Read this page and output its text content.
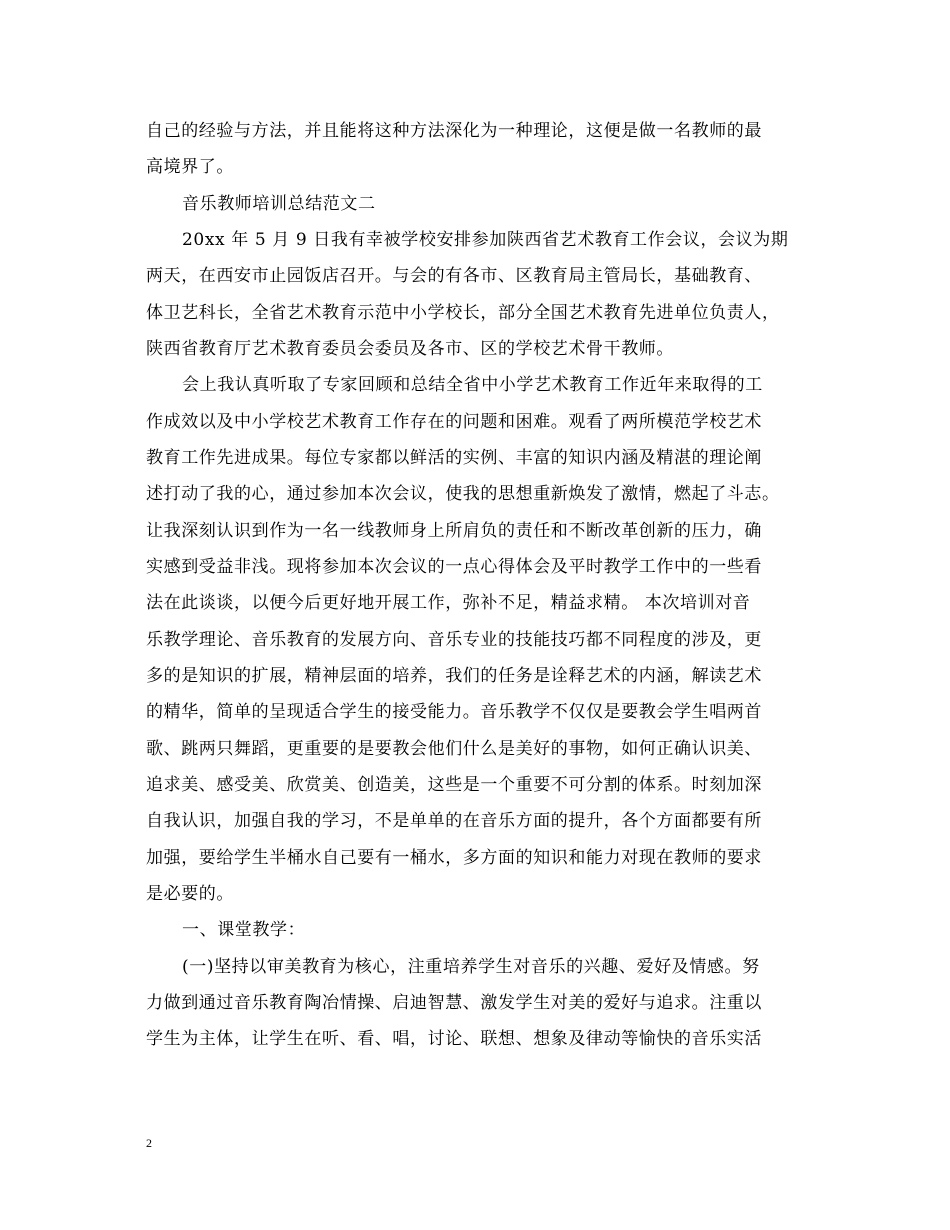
自己的经验与方法，并且能将这种方法深化为一种理论，这便是做一名教师的最
高境界了。
音乐教师培训总结范文二
20xx 年 5 月 9 日我有幸被学校安排参加陕西省艺术教育工作会议，会议为期
两天，在西安市止园饭店召开。与会的有各市、区教育局主管局长，基础教育、
体卫艺科长，全省艺术教育示范中小学校长，部分全国艺术教育先进单位负责人，
陕西省教育厅艺术教育委员会委员及各市、区的学校艺术骨干教师。
会上我认真听取了专家回顾和总结全省中小学艺术教育工作近年来取得的工
作成效以及中小学校艺术教育工作存在的问题和困难。观看了两所模范学校艺术
教育工作先进成果。每位专家都以鲜活的实例、丰富的知识内涵及精湛的理论阐
述打动了我的心，通过参加本次会议，使我的思想重新焕发了激情，燃起了斗志。
让我深刻认识到作为一名一线教师身上所肩负的责任和不断改革创新的压力，确
实感到受益非浅。现将参加本次会议的一点心得体会及平时教学工作中的一些看
法在此谈谈，以便今后更好地开展工作，弥补不足，精益求精。 本次培训对音
乐教学理论、音乐教育的发展方向、音乐专业的技能技巧都不同程度的涉及，更
多的是知识的扩展，精神层面的培养，我们的任务是诠释艺术的内涵，解读艺术
的精华，简单的呈现适合学生的接受能力。音乐教学不仅仅是要教会学生唱两首
歌、跳两只舞蹈，更重要的是要教会他们什么是美好的事物，如何正确认识美、
追求美、感受美、欣赏美、创造美，这些是一个重要不可分割的体系。时刻加深
自我认识，加强自我的学习，不是单单的在音乐方面的提升，各个方面都要有所
加强，要给学生半桶水自己要有一桶水，多方面的知识和能力对现在教师的要求
是必要的。
一、课堂教学：
(一)坚持以审美教育为核心，注重培养学生对音乐的兴趣、爱好及情感。努
力做到通过音乐教育陶冶情操、启迪智慧、激发学生对美的爱好与追求。注重以
学生为主体，让学生在听、看、唱，讨论、联想、想象及律动等愉快的音乐实活
2
